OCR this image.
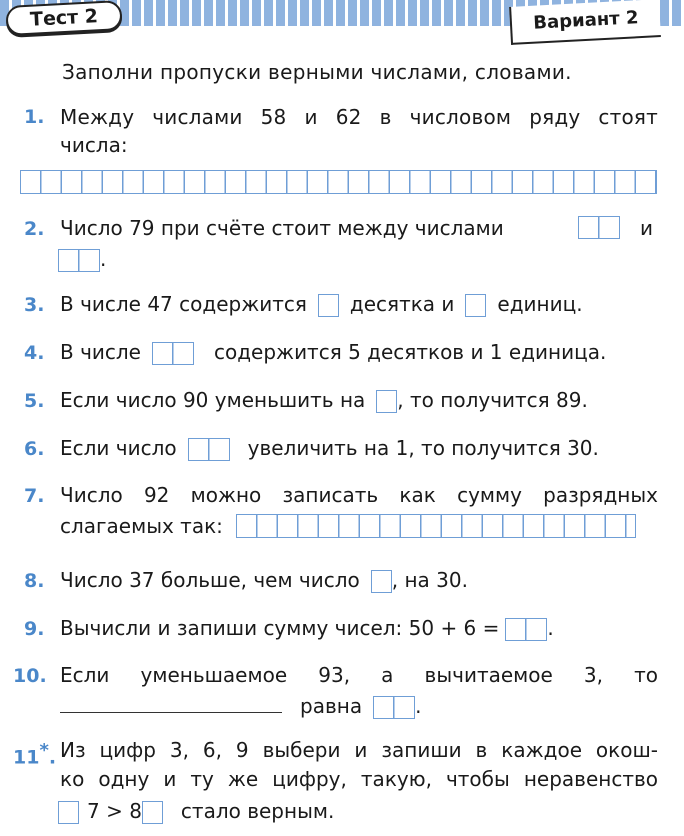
Тест 2	Вариант 2
Заполни пропуски верными числами, словами.
1. Между числами 58 и 62 в числовом ряду стоят
числа:
2. Число 79 при счёте стоит между числами	и
.
3. В числе 47 содержится десятка и единиц.
4. В числе	содержится 5 десятков и 1 единица.
5. Если число 90 уменьшить на , то получится 89.
6. Если число	увеличить на 1, то получится 30.
7. Число 92 можно записать как сумму разрядных
слагаемых так:
8. Число 37 больше, чем число , на 30.
9. Вычисли и запиши сумму чисел: 50 + 6 = .
10. Если уменьшаемое 93, а вычитаемое 3, то
равна	.
11*. Из цифр 3, 6, 9 выбери и запиши в каждое окош-
ко одну и ту же цифру, такую, чтобы неравенство
7 > 8 стало верным.
